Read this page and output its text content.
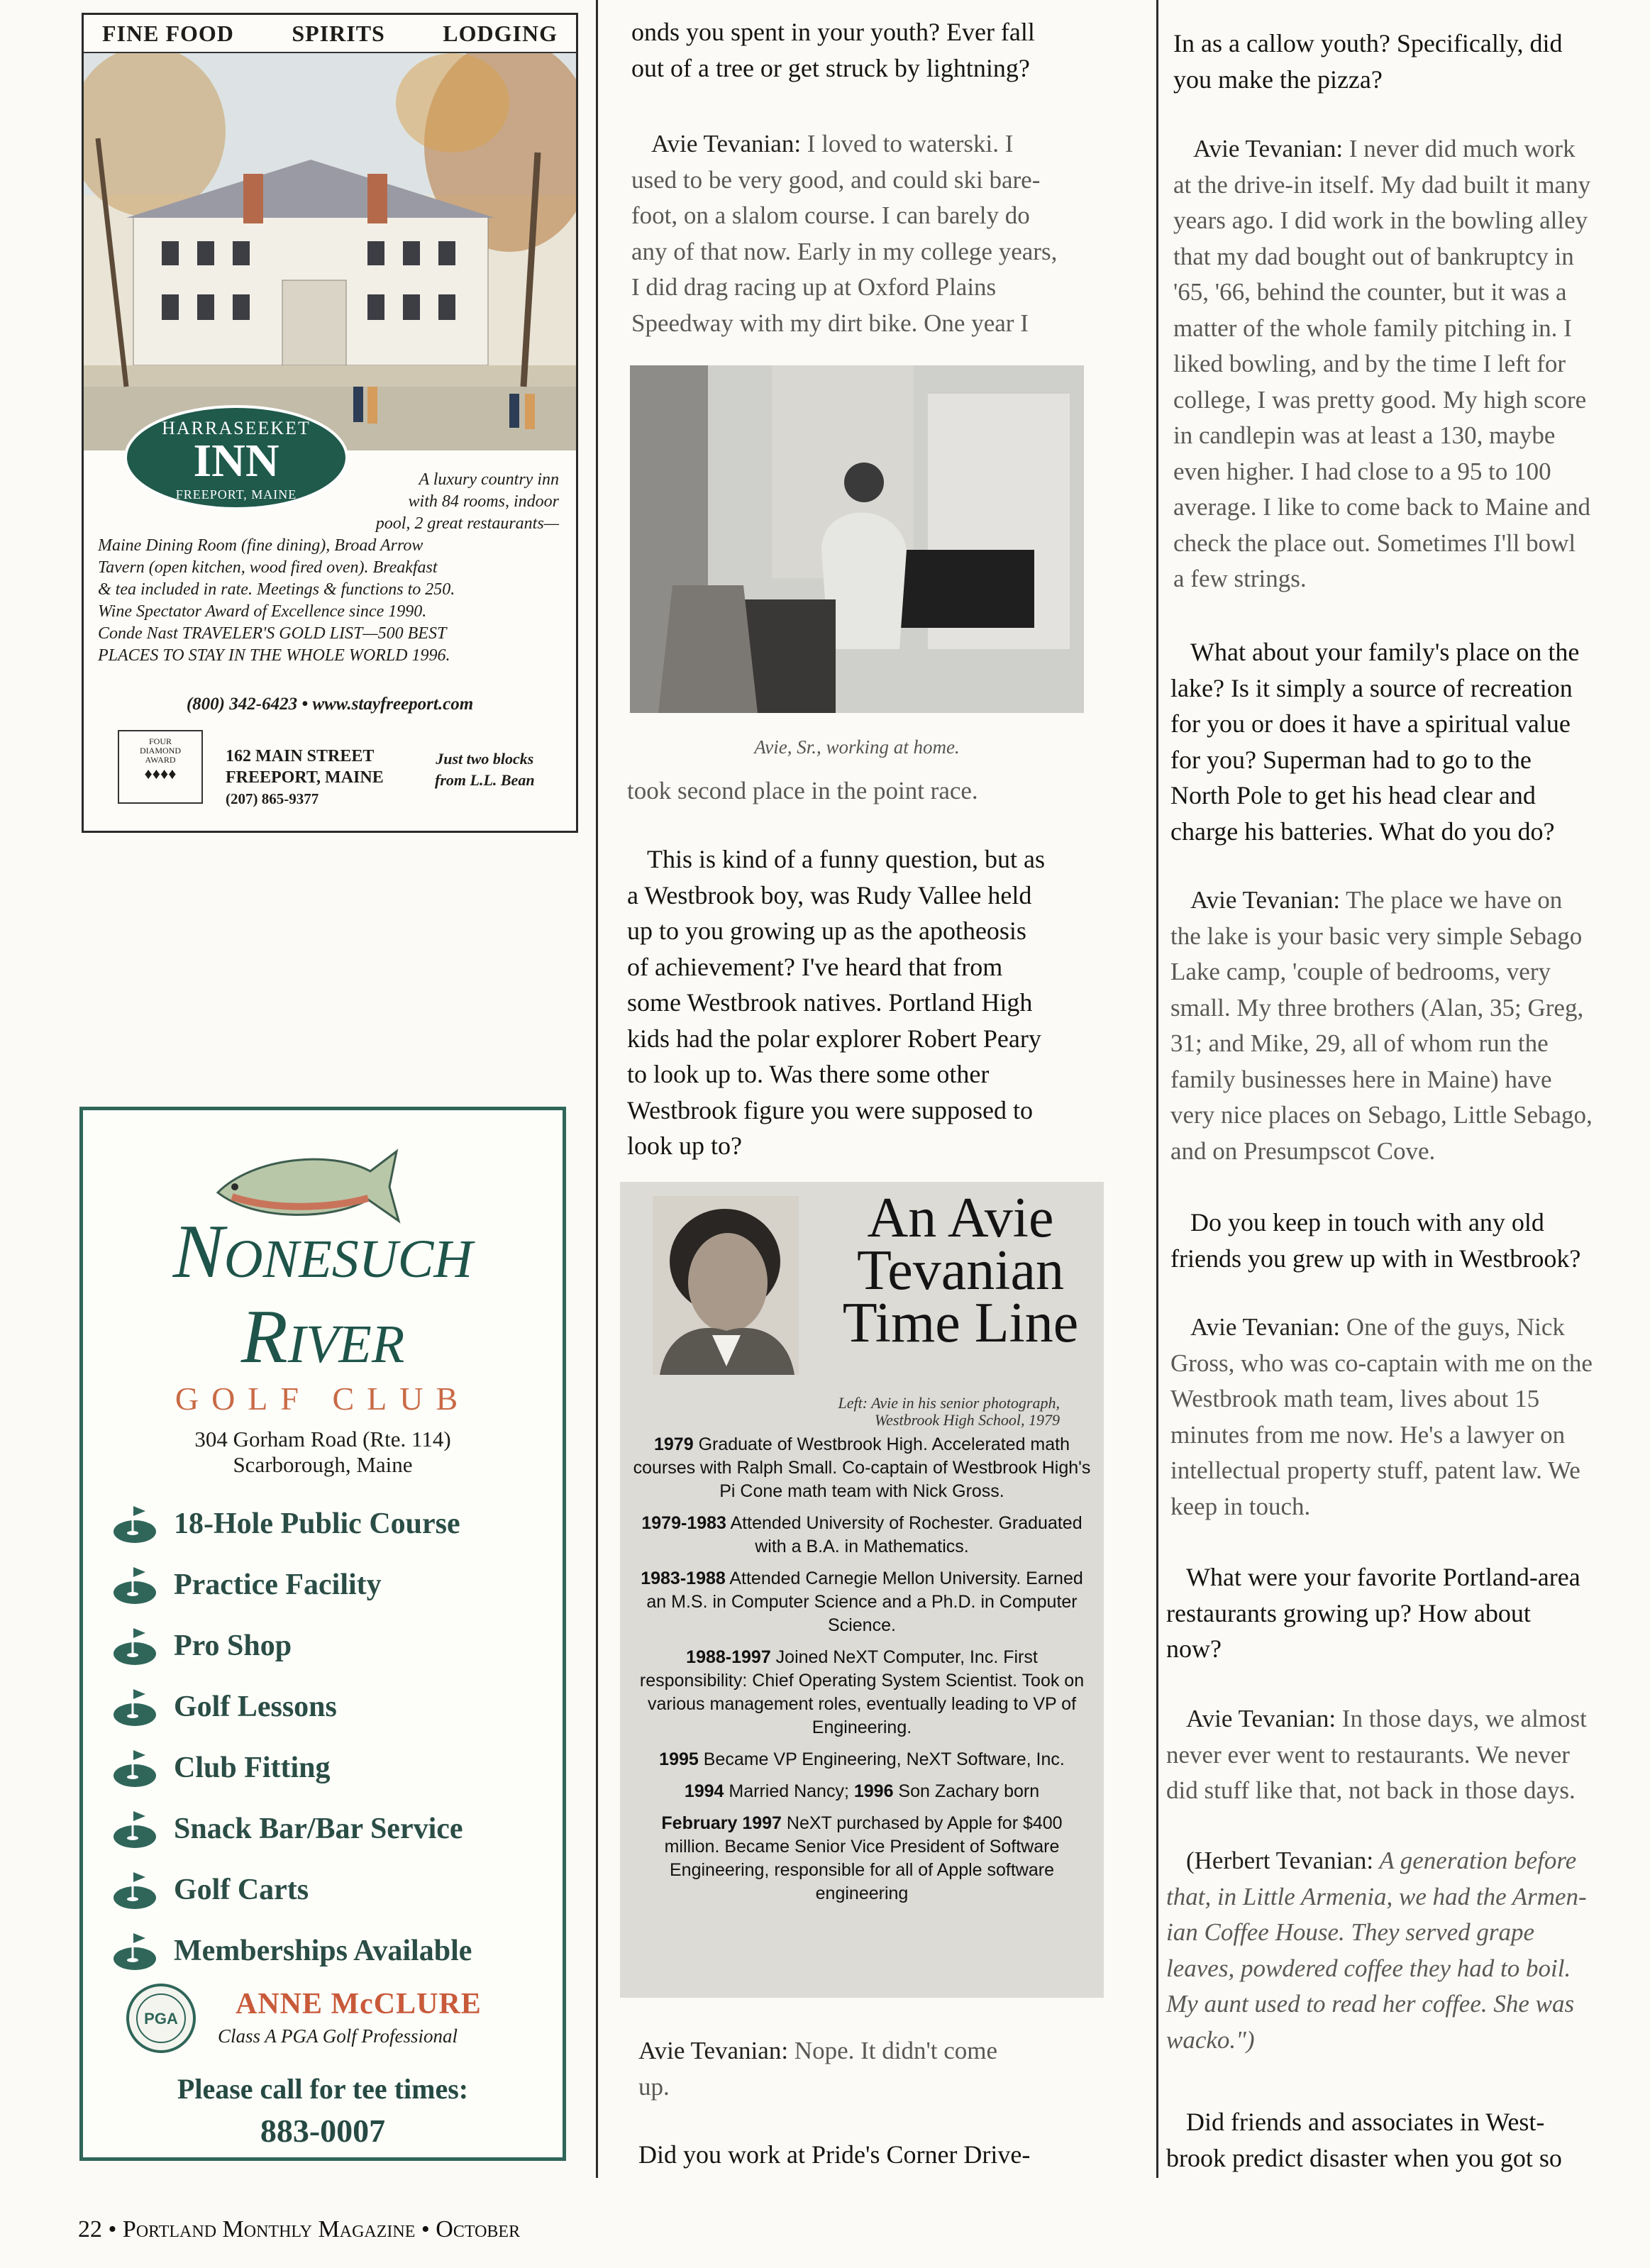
FINE FOOD	SPIRITS	LODGING
HARRASEEKET
INN
FREEPORT, MAINE
A luxury country inn
with 84 rooms, indoor
pool, 2 great restaurants—
Maine Dining Room (fine dining), Broad Arrow
Tavern (open kitchen, wood fired oven). Breakfast
& tea included in rate. Meetings & functions to 250.
Wine Spectator Award of Excellence since 1990.
Conde Nast TRAVELER'S GOLD LIST—500 BEST
PLACES TO STAY IN THE WHOLE WORLD 1996.
(800) 342-6423 • www.stayfreeport.com
FOUR
DIAMOND
AWARD
♦♦♦♦
162 MAIN STREET
FREEPORT, MAINE
(207) 865-9377
Just two blocks
from L.L. Bean
Nonesuch
River
GOLF CLUB
304 Gorham Road (Rte. 114)
Scarborough, Maine
18-Hole Public Course
Practice Facility
Pro Shop
Golf Lessons
Club Fitting
Snack Bar/Bar Service
Golf Carts
Memberships Available
PGA ANNE McCLURE
Class A PGA Golf Professional
Please call for tee times:
883-0007

onds you spent in your youth? Ever fall

out of a tree or get struck by lightning?

Avie Tevanian: I loved to waterski. I

used to be very good, and could ski bare-

foot, on a slalom course. I can barely do

any of that now. Early in my college years,

I did drag racing up at Oxford Plains

Speedway with my dirt bike. One year I

Avie, Sr., working at home.

took second place in the point race.

This is kind of a funny question, but as

a Westbrook boy, was Rudy Vallee held

up to you growing up as the apotheosis

of achievement? I've heard that from

some Westbrook natives. Portland High

kids had the polar explorer Robert Peary

to look up to. Was there some other

Westbrook figure you were supposed to

look up to?

An Avie
Tevanian
Time Line
Left: Avie in his senior photograph,
Westbrook High School, 1979

1979 Graduate of Westbrook High. Accelerated math courses with Ralph Small. Co-captain of Westbrook High's Pi Cone math team with Nick Gross.

1979-1983 Attended University of Rochester. Graduated with a B.A. in Mathematics.

1983-1988 Attended Carnegie Mellon University. Earned an M.S. in Computer Science and a Ph.D. in Computer Science.

1988-1997 Joined NeXT Computer, Inc. First responsibility: Chief Operating System Scientist. Took on various management roles, eventually leading to VP of Engineering.

1995 Became VP Engineering, NeXT Software, Inc.

1994 Married Nancy; 1996 Son Zachary born

February 1997 NeXT purchased by Apple for $400 million. Became Senior Vice President of Software Engineering, responsible for all of Apple software engineering

Avie Tevanian: Nope. It didn't come

up.

Did you work at Pride's Corner Drive-

In as a callow youth? Specifically, did

you make the pizza?

Avie Tevanian: I never did much work

at the drive-in itself. My dad built it many

years ago. I did work in the bowling alley

that my dad bought out of bankruptcy in

'65, '66, behind the counter, but it was a

matter of the whole family pitching in. I

liked bowling, and by the time I left for

college, I was pretty good. My high score

in candlepin was at least a 130, maybe

even higher. I had close to a 95 to 100

average. I like to come back to Maine and

check the place out. Sometimes I'll bowl

a few strings.

What about your family's place on the

lake? Is it simply a source of recreation

for you or does it have a spiritual value

for you? Superman had to go to the

North Pole to get his head clear and

charge his batteries. What do you do?

Avie Tevanian: The place we have on

the lake is your basic very simple Sebago

Lake camp, 'couple of bedrooms, very

small. My three brothers (Alan, 35; Greg,

31; and Mike, 29, all of whom run the

family businesses here in Maine) have

very nice places on Sebago, Little Sebago,

and on Presumpscot Cove.

Do you keep in touch with any old

friends you grew up with in Westbrook?

Avie Tevanian: One of the guys, Nick

Gross, who was co-captain with me on the

Westbrook math team, lives about 15

minutes from me now. He's a lawyer on

intellectual property stuff, patent law. We

keep in touch.

What were your favorite Portland-area

restaurants growing up? How about

now?

Avie Tevanian: In those days, we almost

never ever went to restaurants. We never

did stuff like that, not back in those days.

(Herbert Tevanian: A generation before

that, in Little Armenia, we had the Armen-

ian Coffee House. They served grape

leaves, powdered coffee they had to boil.

My aunt used to read her coffee. She was

wacko.")

Did friends and associates in West-

brook predict disaster when you got so

22 • Portland Monthly Magazine • October
